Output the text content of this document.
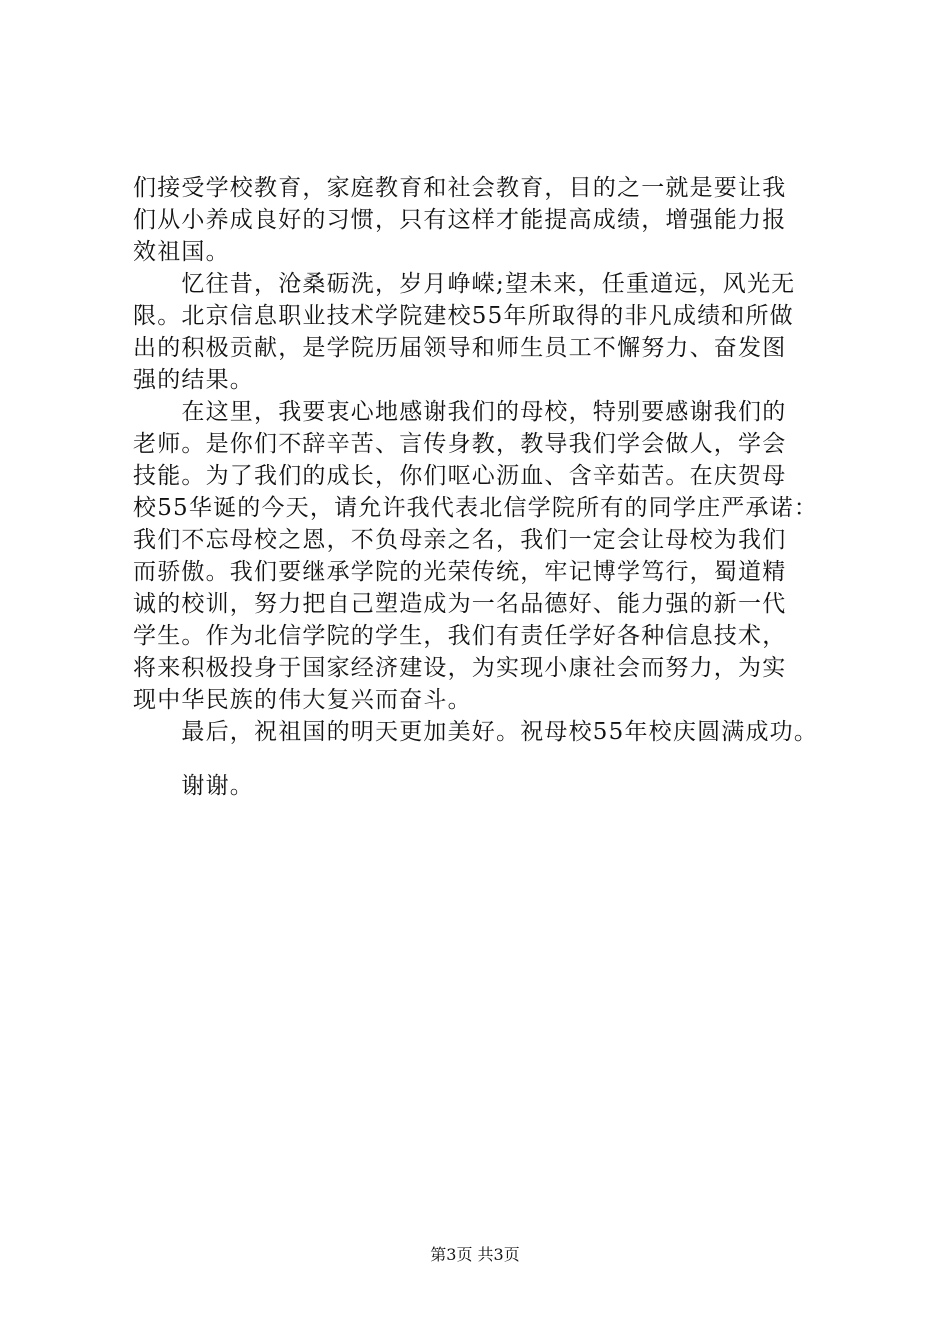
们接受学校教育，家庭教育和社会教育，目的之一就是要让我
们从小养成良好的习惯，只有这样才能提高成绩，增强能力报
效祖国。
　　忆往昔，沧桑砺洗，岁月峥嵘;望未来，任重道远，风光无
限。北京信息职业技术学院建校55年所取得的非凡成绩和所做
出的积极贡献，是学院历届领导和师生员工不懈努力、奋发图
强的结果。
　　在这里，我要衷心地感谢我们的母校，特别要感谢我们的
老师。是你们不辞辛苦、言传身教，教导我们学会做人，学会
技能。为了我们的成长，你们呕心沥血、含辛茹苦。在庆贺母
校55华诞的今天，请允许我代表北信学院所有的同学庄严承诺：
我们不忘母校之恩，不负母亲之名，我们一定会让母校为我们
而骄傲。我们要继承学院的光荣传统，牢记博学笃行，蜀道精
诚的校训，努力把自己塑造成为一名品德好、能力强的新一代
学生。作为北信学院的学生，我们有责任学好各种信息技术，
将来积极投身于国家经济建设，为实现小康社会而努力，为实
现中华民族的伟大复兴而奋斗。
　　最后，祝祖国的明天更加美好。祝母校55年校庆圆满成功。
　　谢谢。
第3页 共3页
